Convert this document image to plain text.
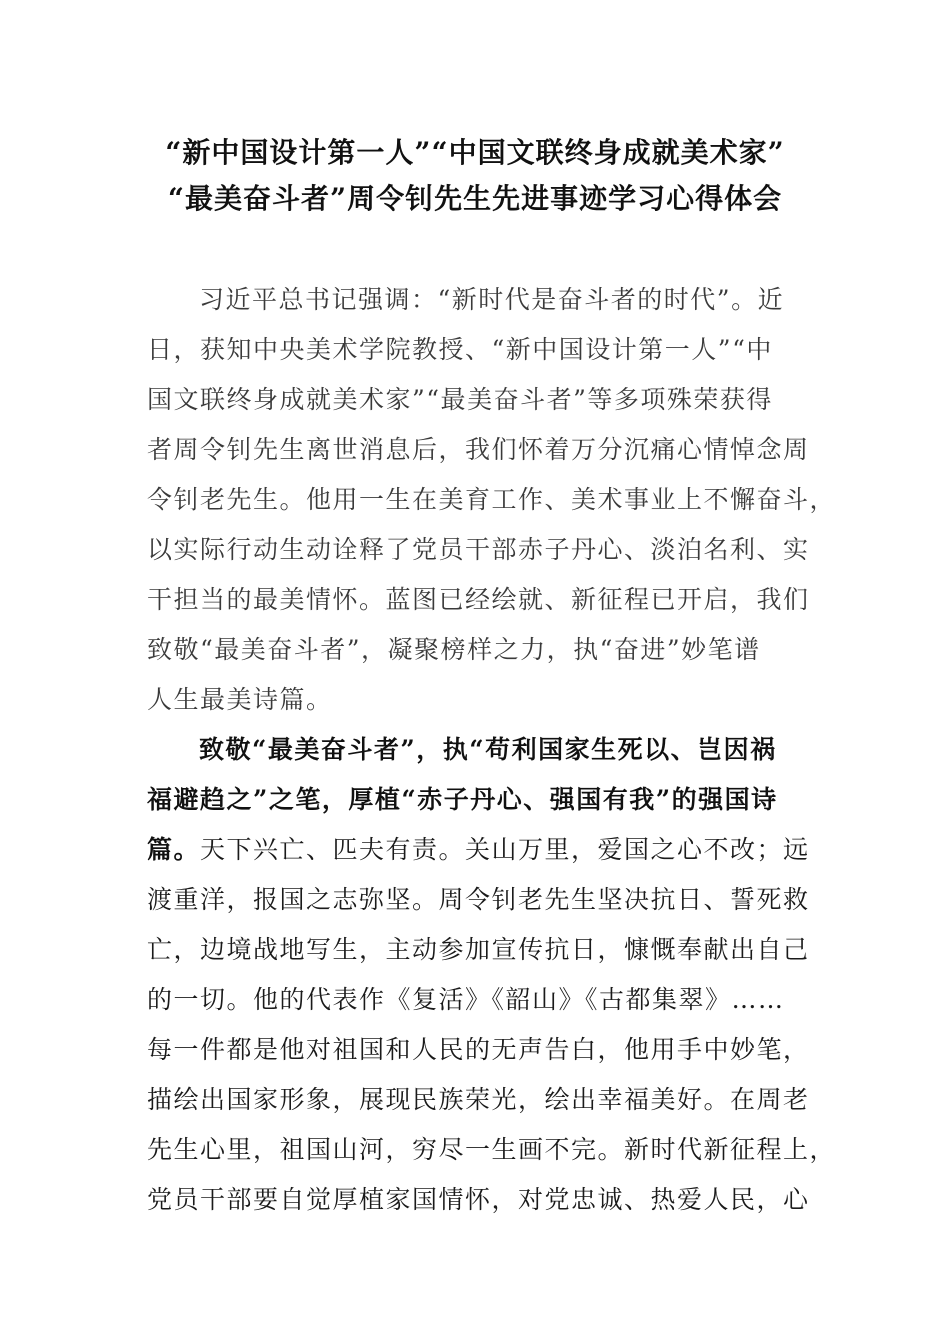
“新中国设计第一人”“中国文联终身成就美术家”
“最美奋斗者”周令钊先生先进事迹学习心得体会
习近平总书记强调：“新时代是奋斗者的时代”。近
日，获知中央美术学院教授、“新中国设计第一人”“中
国文联终身成就美术家”“最美奋斗者”等多项殊荣获得
者周令钊先生离世消息后，我们怀着万分沉痛心情悼念周
令钊老先生。他用一生在美育工作、美术事业上不懈奋斗，
以实际行动生动诠释了党员干部赤子丹心、淡泊名利、实
干担当的最美情怀。蓝图已经绘就、新征程已开启，我们
致敬“最美奋斗者”，凝聚榜样之力，执“奋进”妙笔谱
人生最美诗篇。
致敬“最美奋斗者”，执“苟利国家生死以、岂因祸
福避趋之”之笔，厚植“赤子丹心、强国有我”的强国诗
篇。天下兴亡、匹夫有责。关山万里，爱国之心不改；远
渡重洋，报国之志弥坚。周令钊老先生坚决抗日、誓死救
亡，边境战地写生，主动参加宣传抗日，慷慨奉献出自己
的一切。他的代表作《复活》《韶山》《古都集翠》……
每一件都是他对祖国和人民的无声告白，他用手中妙笔，
描绘出国家形象，展现民族荣光，绘出幸福美好。在周老
先生心里，祖国山河，穷尽一生画不完。新时代新征程上，
党员干部要自觉厚植家国情怀，对党忠诚、热爱人民，心
